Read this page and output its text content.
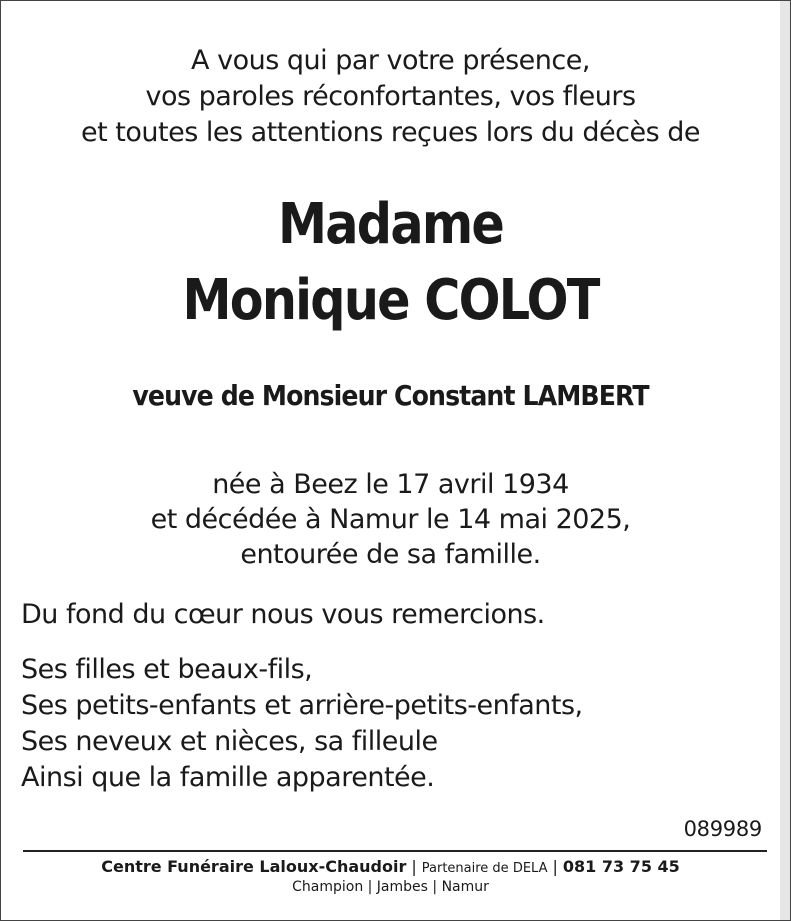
A vous qui par votre présence,
vos paroles réconfortantes, vos fleurs
et toutes les attentions reçues lors du décès de
Madame
Monique COLOT
veuve de Monsieur Constant LAMBERT
née à Beez le 17 avril 1934
et décédée à Namur le 14 mai 2025,
entourée de sa famille.
Du fond du cœur nous vous remercions.
Ses filles et beaux-fils,
Ses petits-enfants et arrière-petits-enfants,
Ses neveux et nièces, sa filleule
Ainsi que la famille apparentée.
089989
Centre Funéraire Laloux-Chaudoir | Partenaire de DELA | 081 73 75 45
Champion | Jambes | Namur
